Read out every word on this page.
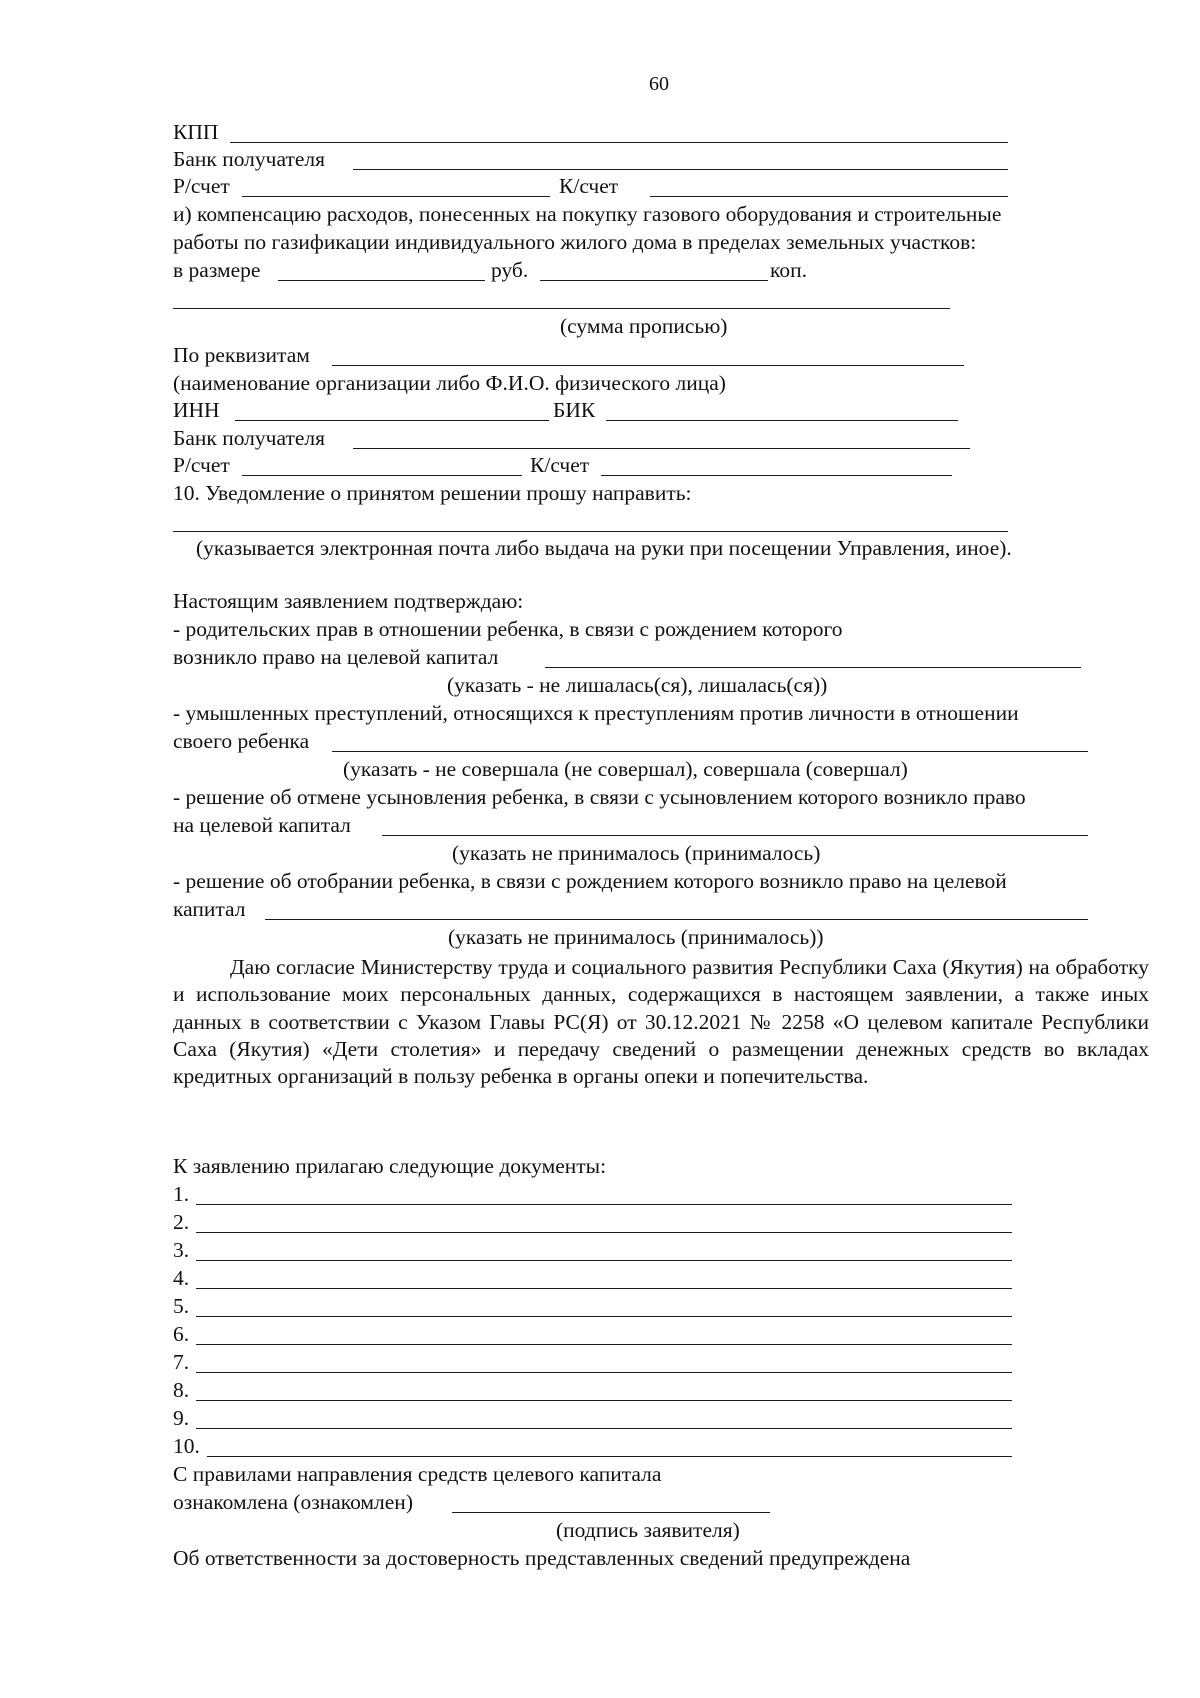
60
КПП
Банк получателя
Р/счет	К/счет
и) компенсацию расходов, понесенных на покупку газового оборудования и строительные
работы по газификации индивидуального жилого дома в пределах земельных участков:
в размере	руб.	коп.
(сумма прописью)
По реквизитам
(наименование организации либо Ф.И.О. физического лица)
ИНН	БИК
Банк получателя
Р/счет	К/счет
10. Уведомление о принятом решении прошу направить:
(указывается электронная почта либо выдача на руки при посещении Управления, иное).
Настоящим заявлением подтверждаю:
- родительских прав в отношении ребенка, в связи с рождением которого
возникло право на целевой капитал
(указать - не лишалась(ся), лишалась(ся))
- умышленных преступлений, относящихся к преступлениям против личности в отношении
своего ребенка
(указать - не совершала (не совершал), совершала (совершал)
- решение об отмене усыновления ребенка, в связи с усыновлением которого возникло право
на целевой капитал
(указать не принималось (принималось)
- решение об отобрании ребенка, в связи с рождением которого возникло право на целевой
капитал
(указать не принималось (принималось))
Даю согласие Министерству труда и социального развития Республики Саха (Якутия) на обработку и использование моих персональных данных, содержащихся в настоящем заявлении, а также иных данных в соответствии с Указом Главы РС(Я) от 30.12.2021 № 2258 «О целевом капитале Республики Саха (Якутия) «Дети столетия» и передачу сведений о размещении денежных средств во вкладах кредитных организаций в пользу ребенка в органы опеки и попечительства.
К заявлению прилагаю следующие документы:
1.
2.
3.
4.
5.
6.
7.
8.
9.
10.
С правилами направления средств целевого капитала
ознакомлена (ознакомлен)
(подпись заявителя)
Об ответственности за достоверность представленных сведений предупреждена
